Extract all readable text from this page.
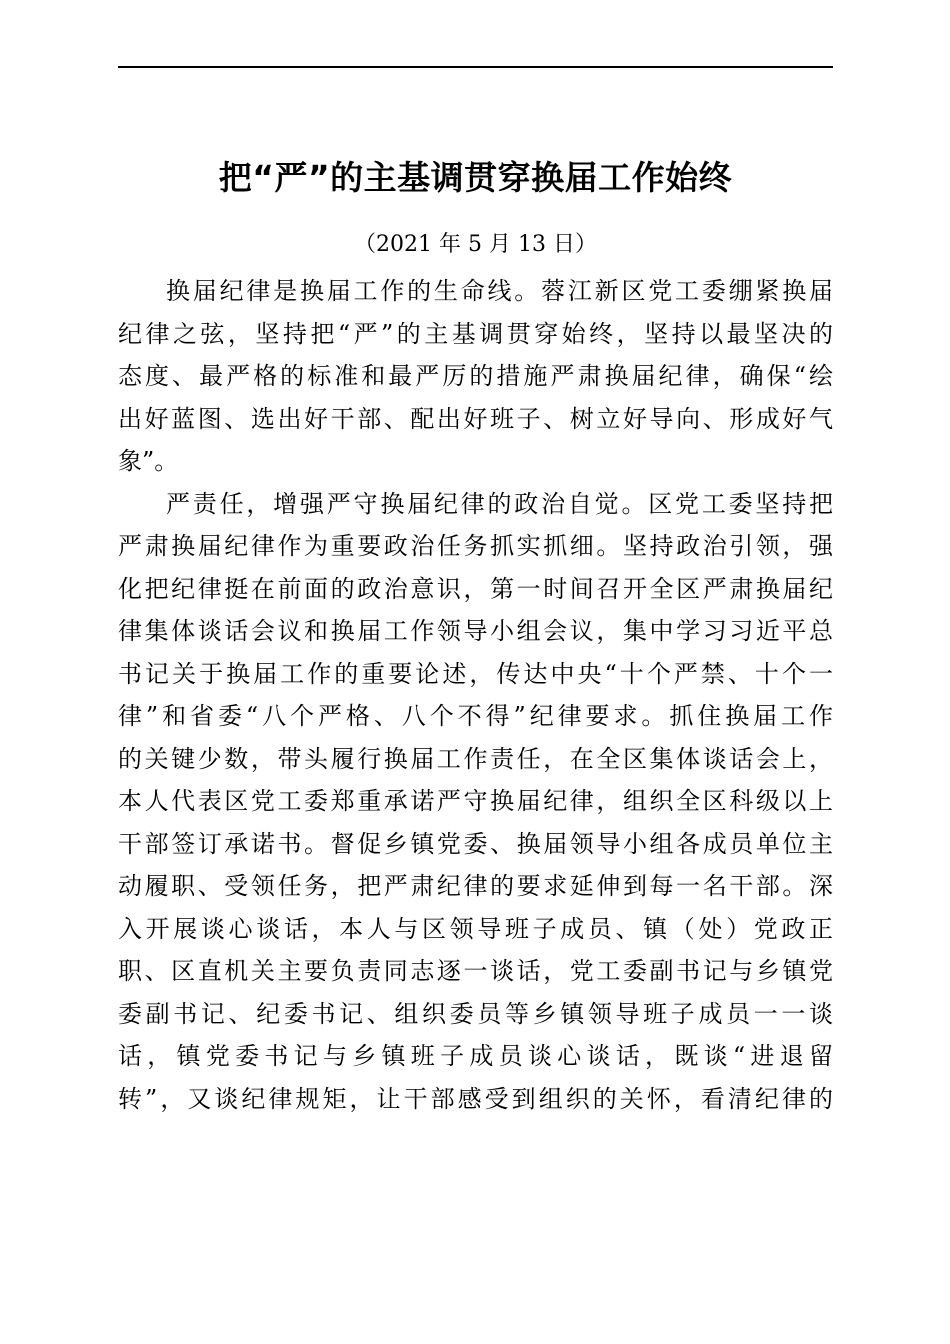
把“严”的主基调贯穿换届工作始终
（2021 年 5 月 13 日）
换届纪律是换届工作的生命线。蓉江新区党工委绷紧换届
纪律之弦，坚持把“严”的主基调贯穿始终，坚持以最坚决的
态度、最严格的标准和最严厉的措施严肃换届纪律，确保“绘
出好蓝图、选出好干部、配出好班子、树立好导向、形成好气
象”。
严责任，增强严守换届纪律的政治自觉。区党工委坚持把
严肃换届纪律作为重要政治任务抓实抓细。坚持政治引领，强
化把纪律挺在前面的政治意识，第一时间召开全区严肃换届纪
律集体谈话会议和换届工作领导小组会议，集中学习习近平总
书记关于换届工作的重要论述，传达中央“十个严禁、十个一
律”和省委“八个严格、八个不得”纪律要求。抓住换届工作
的关键少数，带头履行换届工作责任，在全区集体谈话会上，
本人代表区党工委郑重承诺严守换届纪律，组织全区科级以上
干部签订承诺书。督促乡镇党委、换届领导小组各成员单位主
动履职、受领任务，把严肃纪律的要求延伸到每一名干部。深
入开展谈心谈话，本人与区领导班子成员、镇（处）党政正
职、区直机关主要负责同志逐一谈话，党工委副书记与乡镇党
委副书记、纪委书记、组织委员等乡镇领导班子成员一一谈
话，镇党委书记与乡镇班子成员谈心谈话，既谈“进退留
转”，又谈纪律规矩，让干部感受到组织的关怀，看清纪律的
